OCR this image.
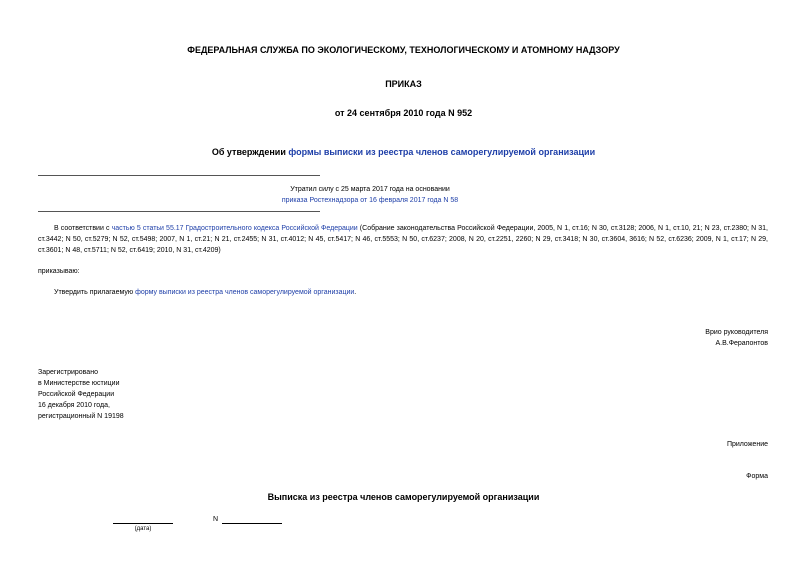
ФЕДЕРАЛЬНАЯ СЛУЖБА ПО ЭКОЛОГИЧЕСКОМУ, ТЕХНОЛОГИЧЕСКОМУ И АТОМНОМУ НАДЗОРУ
ПРИКАЗ
от 24 сентября 2010 года N 952
Об утверждении формы выписки из реестра членов саморегулируемой организации
Утратил силу с 25 марта 2017 года на основании
приказа Ростехнадзора от 16 февраля 2017 года N 58
В соответствии с частью 5 статьи 55.17 Градостроительного кодекса Российской Федерации (Собрание законодательства Российской Федерации, 2005, N 1, ст.16; N 30, ст.3128; 2006, N 1, ст.10, 21; N 23, ст.2380; N 31, ст.3442; N 50, ст.5279; N 52, ст.5498; 2007, N 1, ст.21; N 21, ст.2455; N 31, ст.4012; N 45, ст.5417; N 46, ст.5553; N 50, ст.6237; 2008, N 20, ст.2251, 2260; N 29, ст.3418; N 30, ст.3604, 3616; N 52, ст.6236; 2009, N 1, ст.17; N 29, ст.3601; N 48, ст.5711; N 52, ст.6419; 2010, N 31, ст.4209)
приказываю:
Утвердить прилагаемую форму выписки из реестра членов саморегулируемой организации.
Врио руководителя
А.В.Ферапонтов
Зарегистрировано
в Министерстве юстиции
Российской Федерации
16 декабря 2010 года,
регистрационный N 19198
Приложение
Форма
Выписка из реестра членов саморегулируемой организации
N
(дата)
